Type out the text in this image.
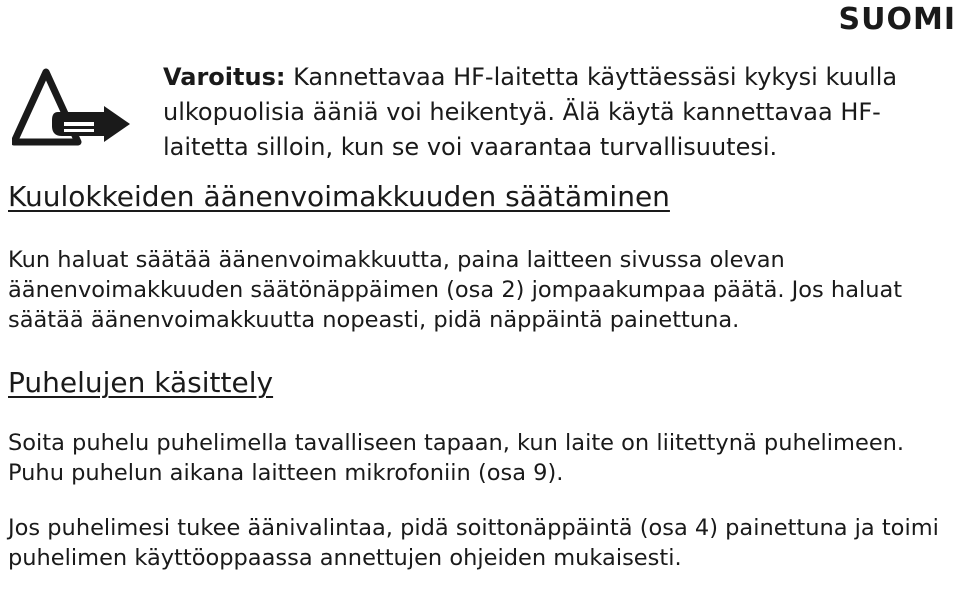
SUOMI
Varoitus: Kannettavaa HF-laitetta käyttäessäsi kykysi kuulla ulkopuolisia ääniä voi heikentyä. Älä käytä kannettavaa HF-laitetta silloin, kun se voi vaarantaa turvallisuutesi.
Kuulokkeiden äänenvoimakkuuden säätäminen
Kun haluat säätää äänenvoimakkuutta, paina laitteen sivussa olevan äänenvoimakkuuden säätönäppäimen (osa 2) jompaakumpaa päätä. Jos haluat säätää äänenvoimakkuutta nopeasti, pidä näppäintä painettuna.
Puhelujen käsittely
Soita puhelu puhelimella tavalliseen tapaan, kun laite on liitettynä puhelimeen. Puhu puhelun aikana laitteen mikrofoniin (osa 9).
Jos puhelimesi tukee äänivalintaa, pidä soittonäppäintä (osa 4) painettuna ja toimi puhelimen käyttöoppaassa annettujen ohjeiden mukaisesti.
